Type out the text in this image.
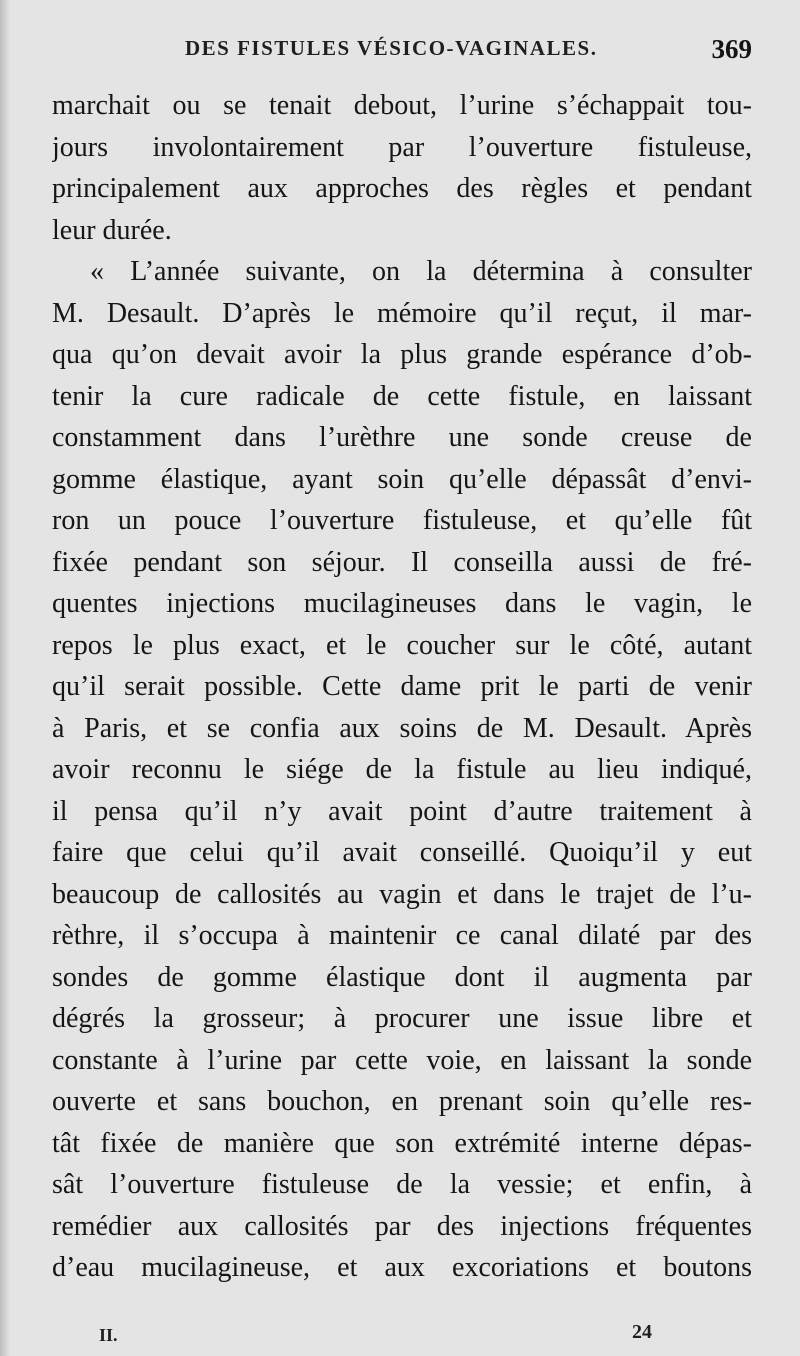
DES FISTULES VÉSICO-VAGINALES.	369
marchait ou se tenait debout, l’urine s’échappait tou-
jours involontairement par l’ouverture fistuleuse,
principalement aux approches des règles et pendant
leur durée.
« L’année suivante, on la détermina à consulter
M. Desault. D’après le mémoire qu’il reçut, il mar-
qua qu’on devait avoir la plus grande espérance d’ob-
tenir la cure radicale de cette fistule, en laissant
constamment dans l’urèthre une sonde creuse de
gomme élastique, ayant soin qu’elle dépassât d’envi-
ron un pouce l’ouverture fistuleuse, et qu’elle fût
fixée pendant son séjour. Il conseilla aussi de fré-
quentes injections mucilagineuses dans le vagin, le
repos le plus exact, et le coucher sur le côté, autant
qu’il serait possible. Cette dame prit le parti de venir
à Paris, et se confia aux soins de M. Desault. Après
avoir reconnu le siége de la fistule au lieu indiqué,
il pensa qu’il n’y avait point d’autre traitement à
faire que celui qu’il avait conseillé. Quoiqu’il y eut
beaucoup de callosités au vagin et dans le trajet de l’u-
rèthre, il s’occupa à maintenir ce canal dilaté par des
sondes de gomme élastique dont il augmenta par
dégrés la grosseur; à procurer une issue libre et
constante à l’urine par cette voie, en laissant la sonde
ouverte et sans bouchon, en prenant soin qu’elle res-
tât fixée de manière que son extrémité interne dépas-
sât l’ouverture fistuleuse de la vessie; et enfin, à
remédier aux callosités par des injections fréquentes
d’eau mucilagineuse, et aux excoriations et boutons
II.	24
